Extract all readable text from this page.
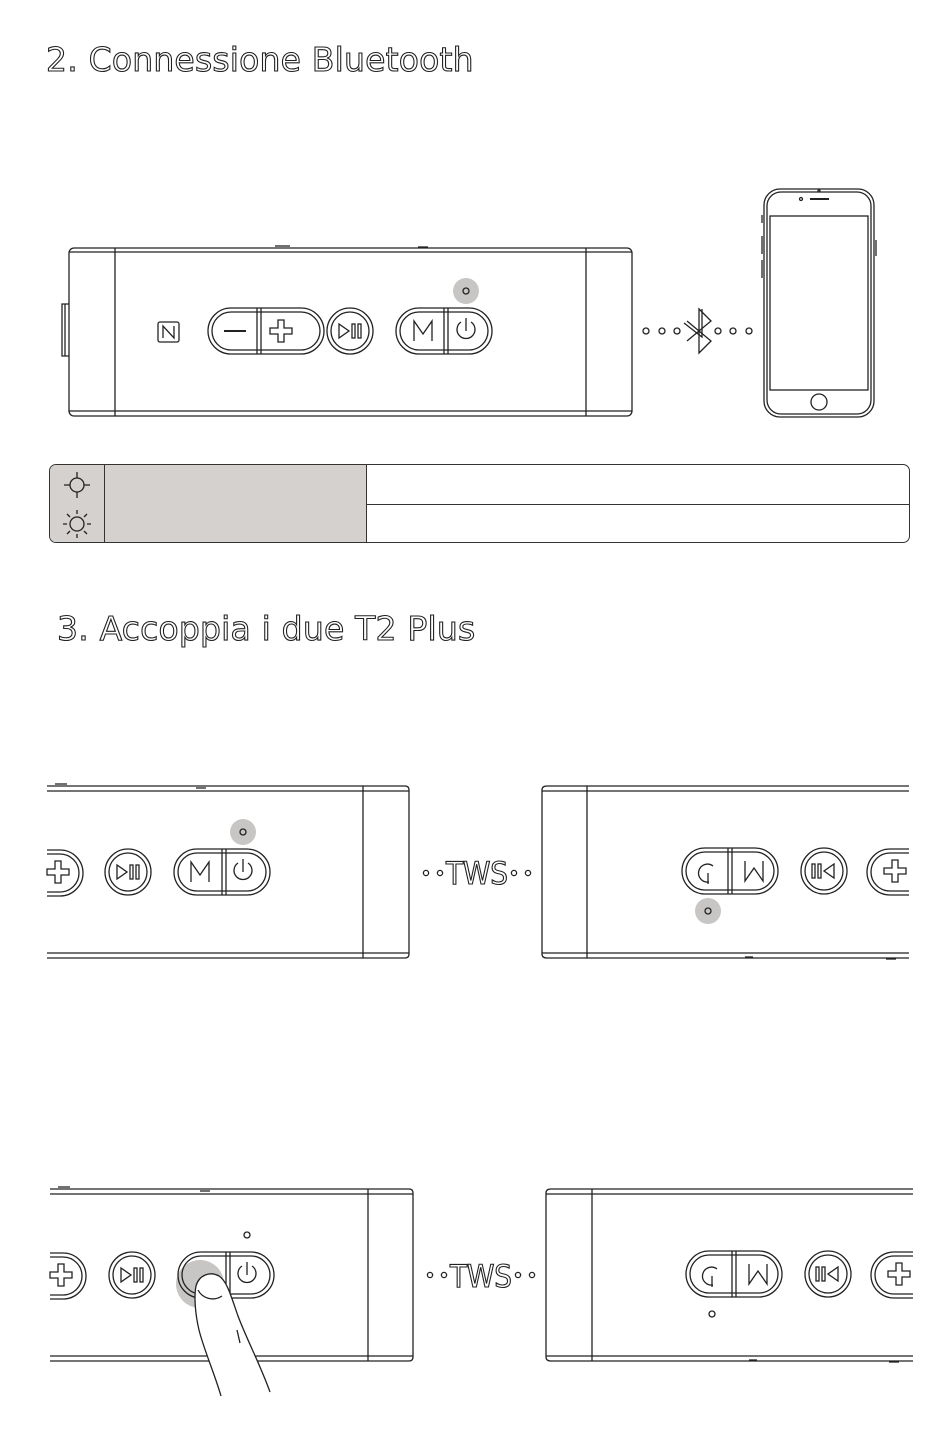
2. Connessione Bluetooth
3. Accoppia i due T2 Plus
TWS
TWS
